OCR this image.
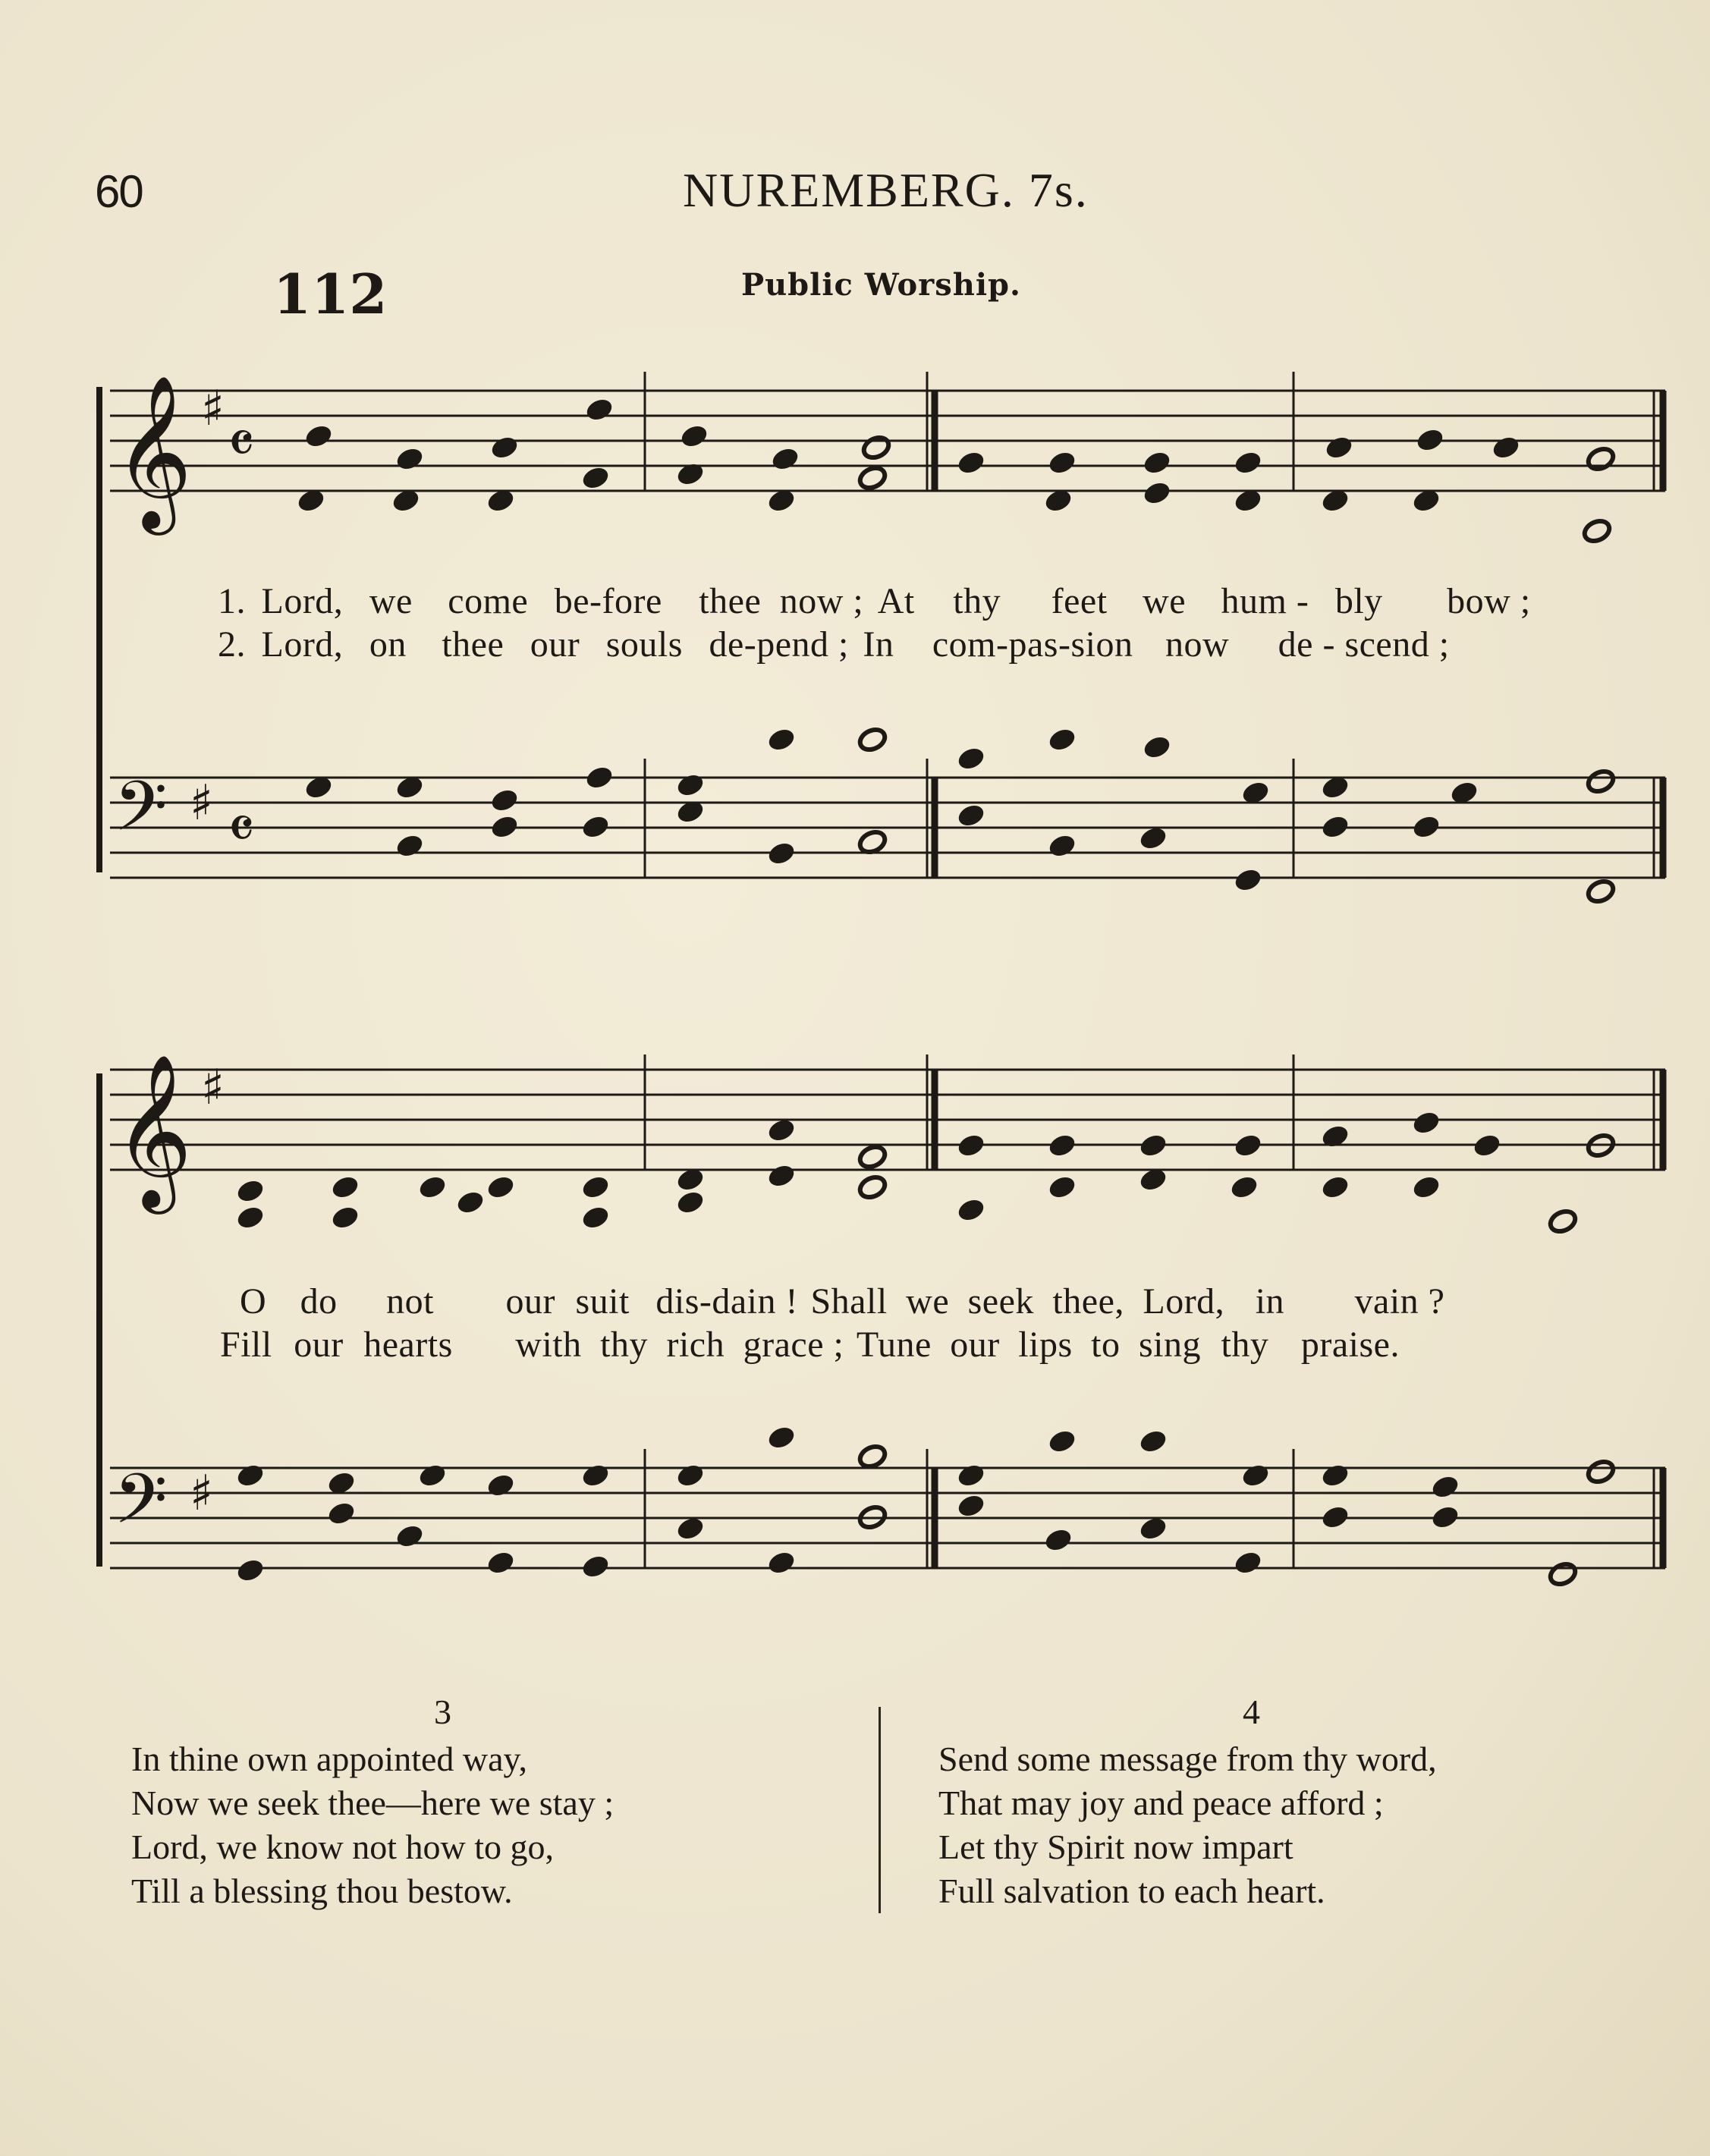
60	NUREMBERG. 7s.
112	Public Worship.
𝄞 ♯ 𝄴
𝄢 ♯ 𝄴
𝄞 ♯
𝄢 ♯
1. Lord, we come be-fore thee now ; At thy feet we hum - bly bow ;
2. Lord, on thee our souls de-pend ; In com-pas-sion now de - scend ;
O do not our suit dis-dain ! Shall we seek thee, Lord, in vain ?
Fill our hearts with thy rich grace ; Tune our lips to sing thy praise.
3
In thine own appointed way,
Now we seek thee—here we stay ;
Lord, we know not how to go,
Till a blessing thou bestow.
4
Send some message from thy word,
That may joy and peace afford ;
Let thy Spirit now impart
Full salvation to each heart.
